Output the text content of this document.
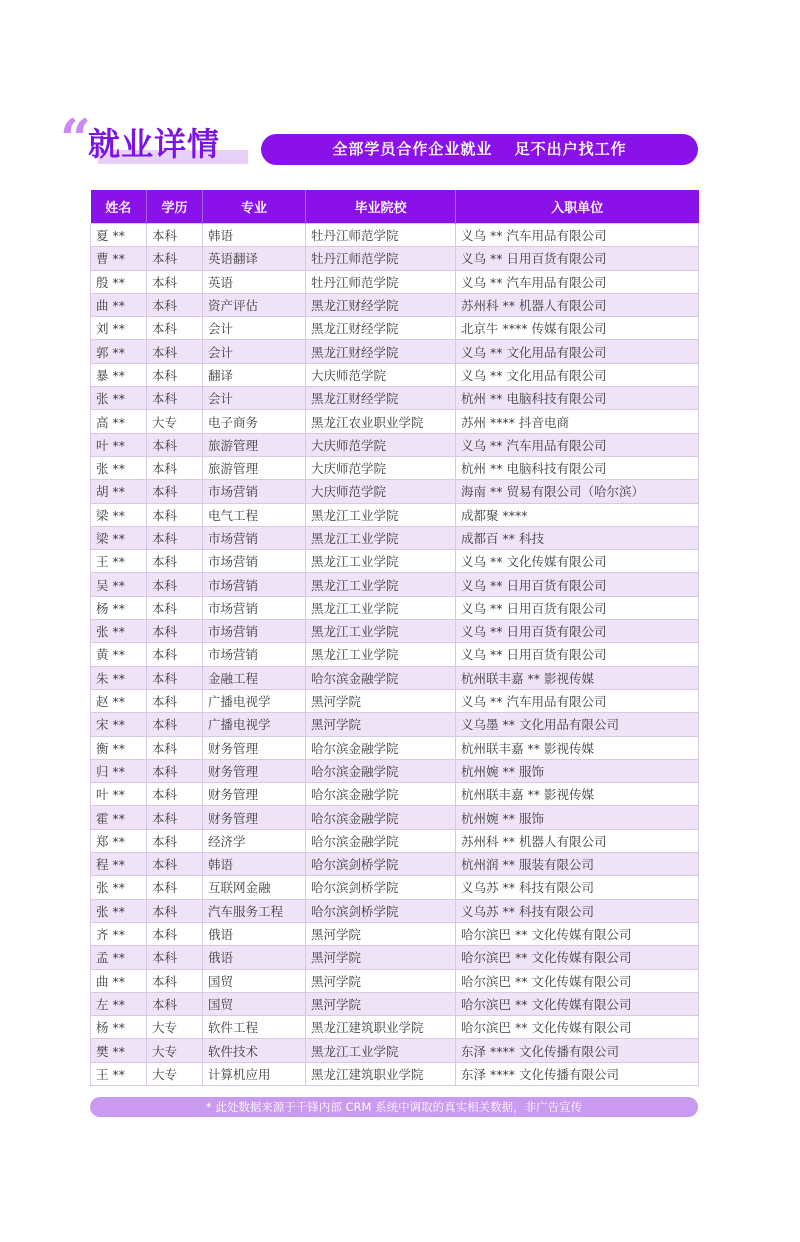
“
就业详情	全部学员合作企业就业 足不出户找工作
姓名	学历	专业	毕业院校	入职单位
夏 **	本科	韩语	牡丹江师范学院	义乌 ** 汽车用品有限公司
曹 **	本科	英语翻译	牡丹江师范学院	义乌 ** 日用百货有限公司
殷 **	本科	英语	牡丹江师范学院	义乌 ** 汽车用品有限公司
曲 **	本科	资产评估	黑龙江财经学院	苏州科 ** 机器人有限公司
刘 **	本科	会计	黑龙江财经学院	北京牛 **** 传媒有限公司
郭 **	本科	会计	黑龙江财经学院	义乌 ** 文化用品有限公司
暴 **	本科	翻译	大庆师范学院	义乌 ** 文化用品有限公司
张 **	本科	会计	黑龙江财经学院	杭州 ** 电脑科技有限公司
高 **	大专	电子商务	黑龙江农业职业学院	苏州 **** 抖音电商
叶 **	本科	旅游管理	大庆师范学院	义乌 ** 汽车用品有限公司
张 **	本科	旅游管理	大庆师范学院	杭州 ** 电脑科技有限公司
胡 **	本科	市场营销	大庆师范学院	海南 ** 贸易有限公司（哈尔滨）
梁 **	本科	电气工程	黑龙江工业学院	成都聚 ****
梁 **	本科	市场营销	黑龙江工业学院	成都百 ** 科技
王 **	本科	市场营销	黑龙江工业学院	义乌 ** 文化传媒有限公司
吴 **	本科	市场营销	黑龙江工业学院	义乌 ** 日用百货有限公司
杨 **	本科	市场营销	黑龙江工业学院	义乌 ** 日用百货有限公司
张 **	本科	市场营销	黑龙江工业学院	义乌 ** 日用百货有限公司
黄 **	本科	市场营销	黑龙江工业学院	义乌 ** 日用百货有限公司
朱 **	本科	金融工程	哈尔滨金融学院	杭州联丰嘉 ** 影视传媒
赵 **	本科	广播电视学	黑河学院	义乌 ** 汽车用品有限公司
宋 **	本科	广播电视学	黑河学院	义乌墨 ** 文化用品有限公司
衡 **	本科	财务管理	哈尔滨金融学院	杭州联丰嘉 ** 影视传媒
归 **	本科	财务管理	哈尔滨金融学院	杭州婉 ** 服饰
叶 **	本科	财务管理	哈尔滨金融学院	杭州联丰嘉 ** 影视传媒
霍 **	本科	财务管理	哈尔滨金融学院	杭州婉 ** 服饰
郑 **	本科	经济学	哈尔滨金融学院	苏州科 ** 机器人有限公司
程 **	本科	韩语	哈尔滨剑桥学院	杭州润 ** 服装有限公司
张 **	本科	互联网金融	哈尔滨剑桥学院	义乌苏 ** 科技有限公司
张 **	本科	汽车服务工程	哈尔滨剑桥学院	义乌苏 ** 科技有限公司
齐 **	本科	俄语	黑河学院	哈尔滨巴 ** 文化传媒有限公司
孟 **	本科	俄语	黑河学院	哈尔滨巴 ** 文化传媒有限公司
曲 **	本科	国贸	黑河学院	哈尔滨巴 ** 文化传媒有限公司
左 **	本科	国贸	黑河学院	哈尔滨巴 ** 文化传媒有限公司
杨 **	大专	软件工程	黑龙江建筑职业学院	哈尔滨巴 ** 文化传媒有限公司
樊 **	大专	软件技术	黑龙江工业学院	东泽 **** 文化传播有限公司
王 **	大专	计算机应用	黑龙江建筑职业学院	东泽 **** 文化传播有限公司
* 此处数据来源于千锋内部 CRM 系统中调取的真实相关数据，非广告宣传
